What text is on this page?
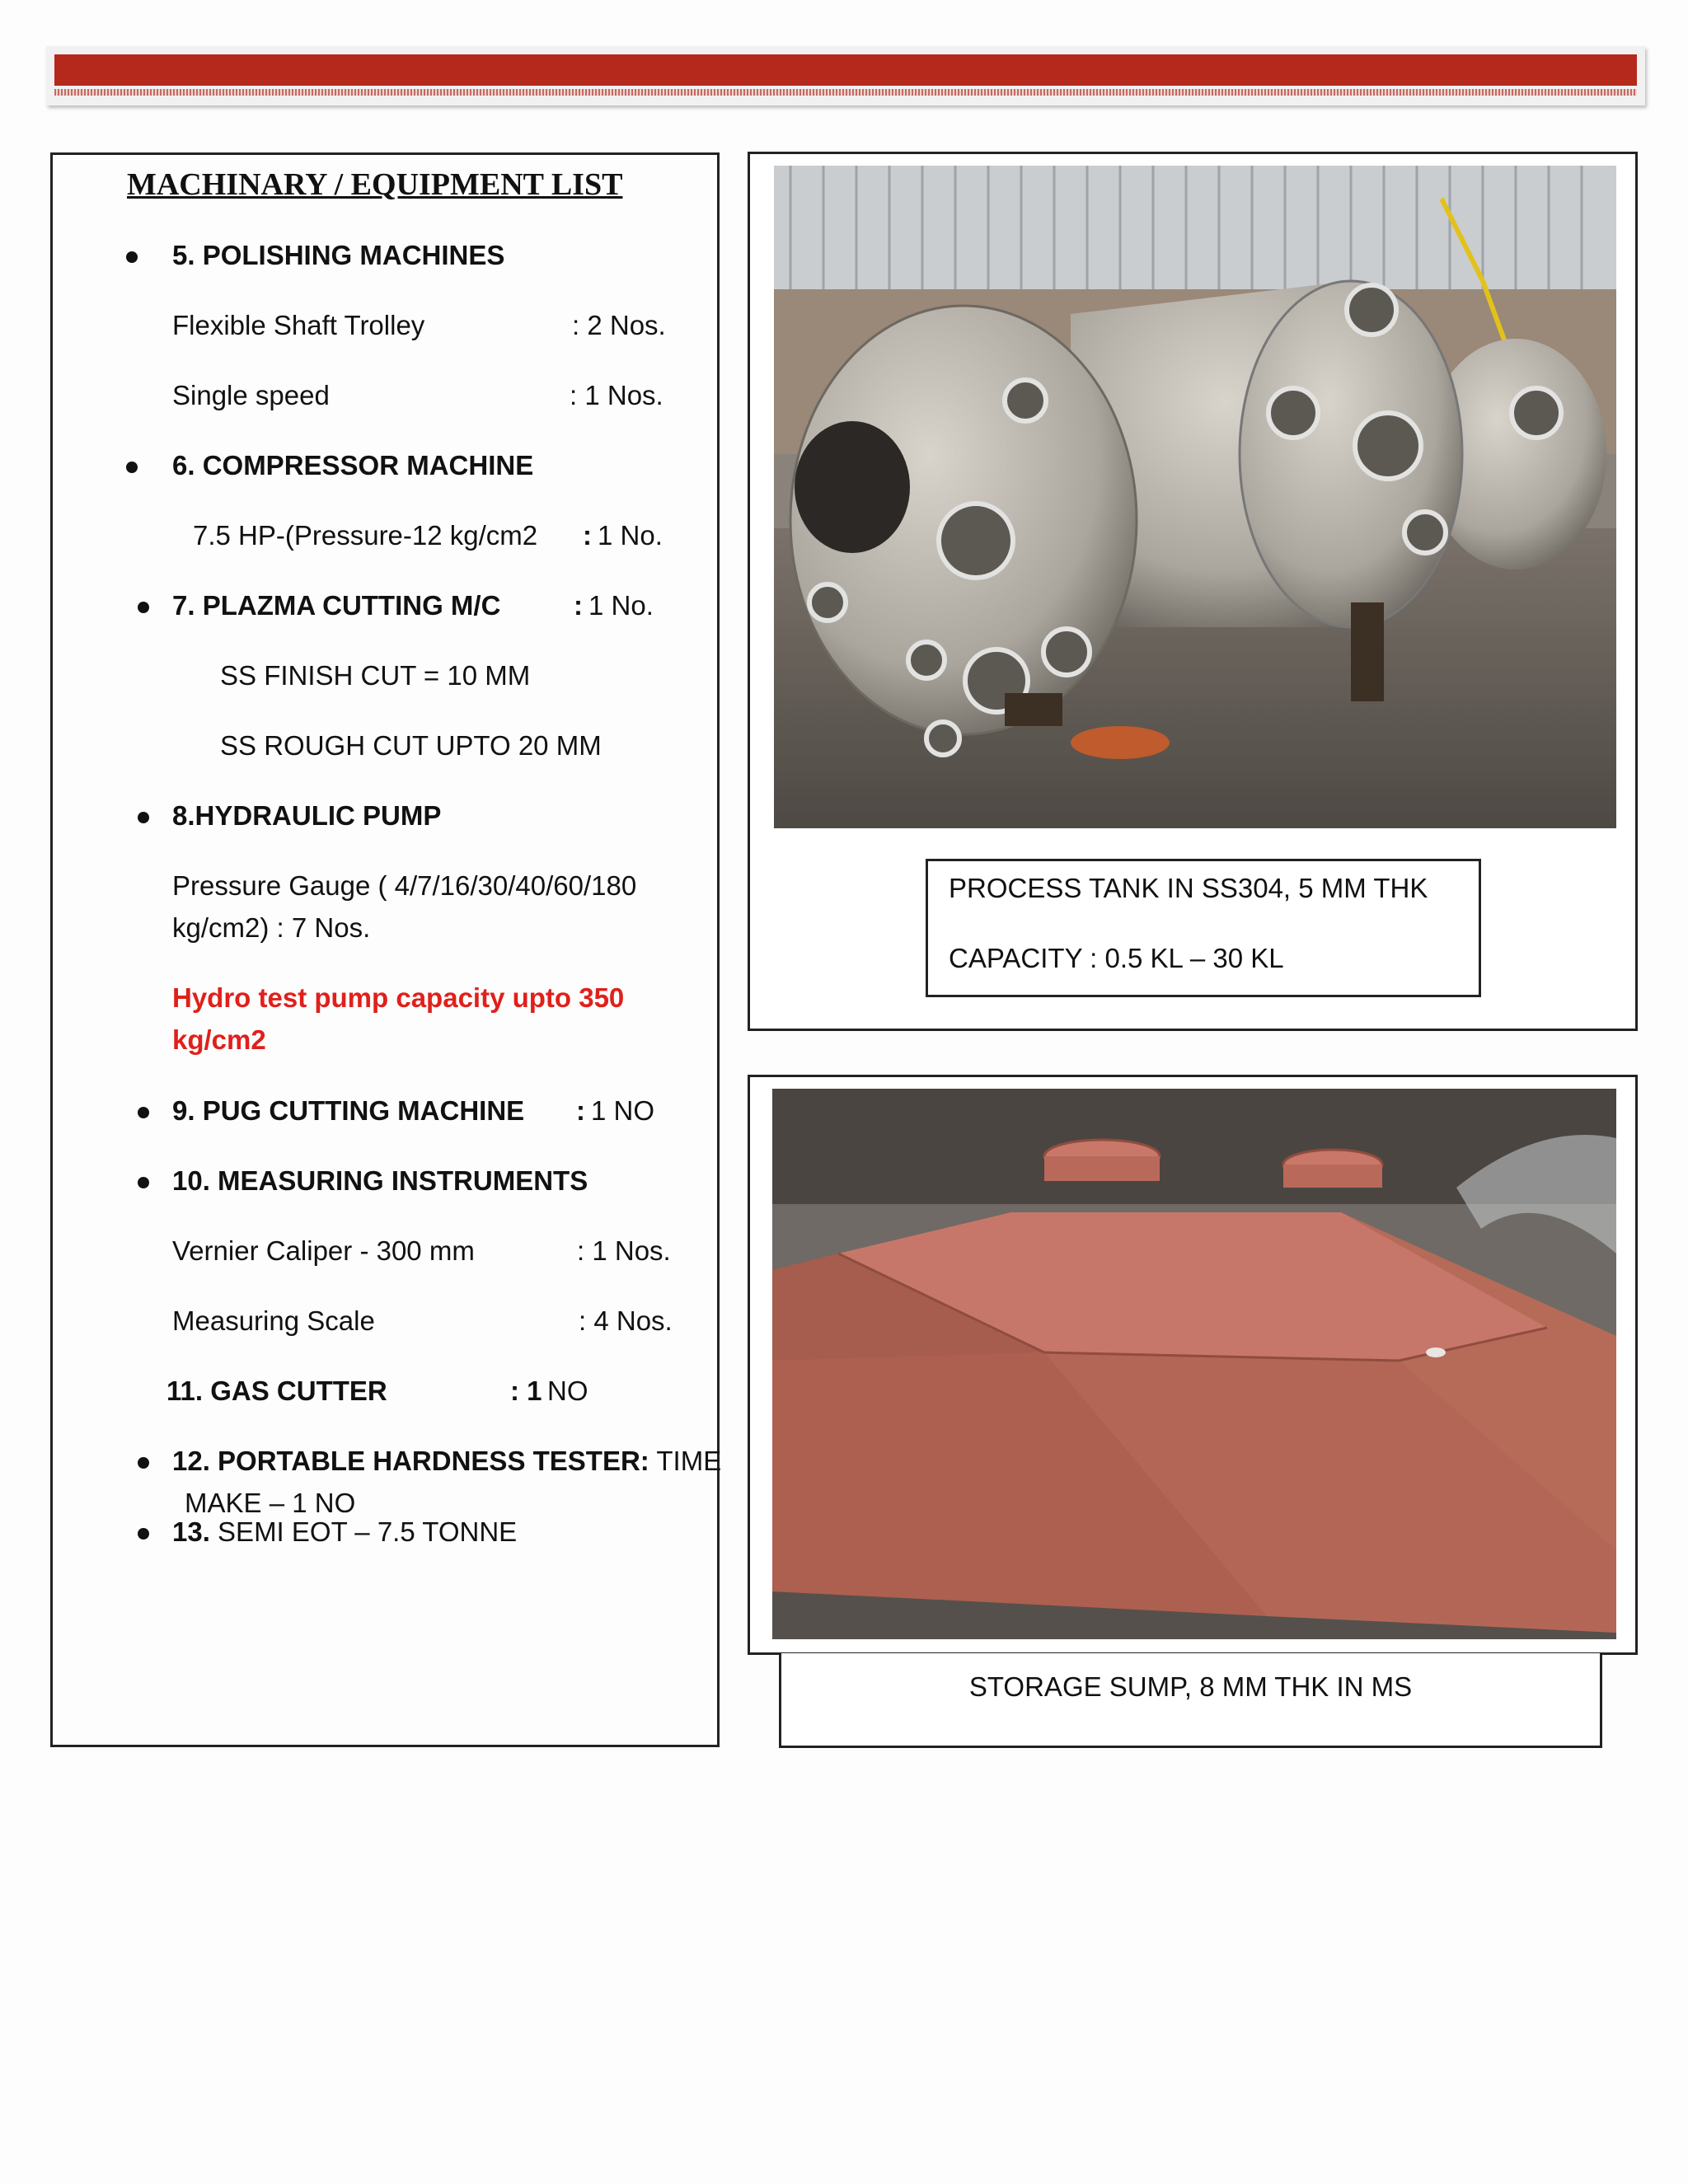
MACHINARY / EQUIPMENT LIST
5. POLISHING MACHINES
Flexible Shaft Trolley	: 2 Nos.
Single speed	: 1 Nos.
6. COMPRESSOR MACHINE
7.5 HP-(Pressure-12 kg/cm2 : 1 No.
7. PLAZMA CUTTING M/C	: 1 No.
SS FINISH CUT = 10 MM
SS ROUGH CUT UPTO 20 MM
8.HYDRAULIC PUMP
Pressure Gauge ( 4/7/16/30/40/60/180
kg/cm2) : 7 Nos.
Hydro test pump capacity upto 350
kg/cm2
9. PUG CUTTING MACHINE : 1 NO
10. MEASURING INSTRUMENTS
Vernier Caliper - 300 mm	: 1 Nos.
Measuring Scale	: 4 Nos.
11. GAS CUTTER	: 1 NO
12. PORTABLE HARDNESS TESTER: TIME
MAKE – 1 NO
13. SEMI EOT – 7.5 TONNE
PROCESS TANK IN SS304, 5 MM THK
CAPACITY : 0.5 KL – 30 KL
STORAGE SUMP, 8 MM THK IN MS
